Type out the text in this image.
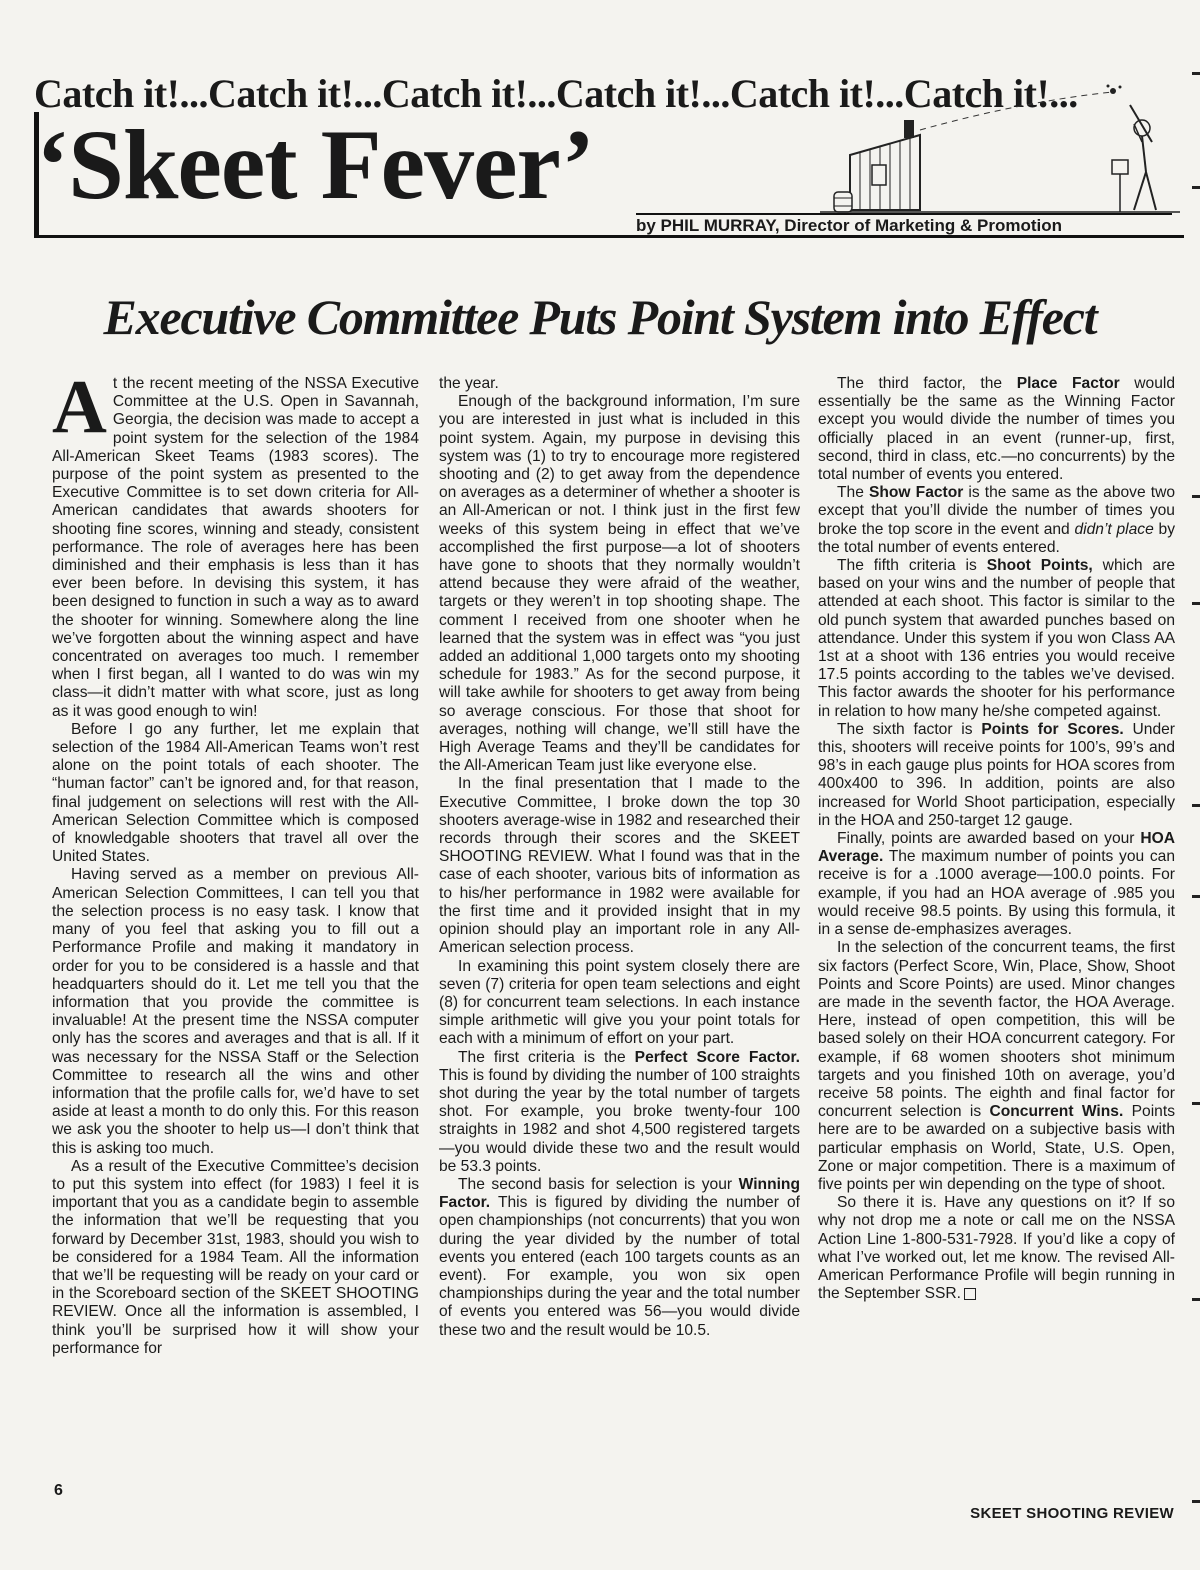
Catch it!...Catch it!...Catch it!...Catch it!...Catch it!...Catch it!...
‘Skeet Fever’
by PHIL MURRAY, Director of Marketing & Promotion
Executive Committee Puts Point System into Effect

At the recent meeting of the NSSA Executive Committee at the U.S. Open in Savannah, Georgia, the decision was made to accept a point system for the selection of the 1984 All-American Skeet Teams (1983 scores). The purpose of the point system as presented to the Executive Committee is to set down criteria for All-American candidates that awards shooters for shooting fine scores, winning and steady, consistent performance. The role of averages here has been diminished and their emphasis is less than it has ever been before. In devising this system, it has been designed to function in such a way as to award the shooter for winning. Somewhere along the line we’ve forgotten about the winning aspect and have concentrated on averages too much. I remember when I first began, all I wanted to do was win my class—it didn’t matter with what score, just as long as it was good enough to win!

Before I go any further, let me explain that selection of the 1984 All-American Teams won’t rest alone on the point totals of each shooter. The “human factor” can’t be ignored and, for that reason, final judgement on selections will rest with the All-American Selection Committee which is composed of knowledgable shooters that travel all over the United States.

Having served as a member on previous All-American Selection Committees, I can tell you that the selection process is no easy task. I know that many of you feel that asking you to fill out a Performance Profile and making it mandatory in order for you to be considered is a hassle and that headquarters should do it. Let me tell you that the information that you provide the committee is invaluable! At the present time the NSSA computer only has the scores and averages and that is all. If it was necessary for the NSSA Staff or the Selection Committee to research all the wins and other information that the profile calls for, we’d have to set aside at least a month to do only this. For this reason we ask you the shooter to help us—I don’t think that this is asking too much.

As a result of the Executive Committee’s decision to put this system into effect (for 1983) I feel it is important that you as a candidate begin to assemble the information that we’ll be requesting that you forward by December 31st, 1983, should you wish to be considered for a 1984 Team. All the information that we’ll be requesting will be ready on your card or in the Scoreboard section of the SKEET SHOOTING REVIEW. Once all the information is assembled, I think you’ll be surprised how it will show your performance for

the year.

Enough of the background information, I’m sure you are interested in just what is included in this point system. Again, my purpose in devising this system was (1) to try to encourage more registered shooting and (2) to get away from the dependence on averages as a determiner of whether a shooter is an All-American or not. I think just in the first few weeks of this system being in effect that we’ve accomplished the first purpose—a lot of shooters have gone to shoots that they normally wouldn’t attend because they were afraid of the weather, targets or they weren’t in top shooting shape. The comment I received from one shooter when he learned that the system was in effect was “you just added an additional 1,000 targets onto my shooting schedule for 1983.” As for the second purpose, it will take awhile for shooters to get away from being so average conscious. For those that shoot for averages, nothing will change, we’ll still have the High Average Teams and they’ll be candidates for the All-American Team just like everyone else.

In the final presentation that I made to the Executive Committee, I broke down the top 30 shooters average-wise in 1982 and researched their records through their scores and the SKEET SHOOTING REVIEW. What I found was that in the case of each shooter, various bits of information as to his/her performance in 1982 were available for the first time and it provided insight that in my opinion should play an important role in any All-American selection process.

In examining this point system closely there are seven (7) criteria for open team selections and eight (8) for concurrent team selections. In each instance simple arithmetic will give you your point totals for each with a minimum of effort on your part.

The first criteria is the Perfect Score Factor. This is found by dividing the number of 100 straights shot during the year by the total number of targets shot. For example, you broke twenty-four 100 straights in 1982 and shot 4,500 registered targets—you would divide these two and the result would be 53.3 points.

The second basis for selection is your Winning Factor. This is figured by dividing the number of open championships (not concurrents) that you won during the year divided by the number of total events you entered (each 100 targets counts as an event). For example, you won six open championships during the year and the total number of events you entered was 56—you would divide these two and the result would be 10.5.

The third factor, the Place Factor would essentially be the same as the Winning Factor except you would divide the number of times you officially placed in an event (runner-up, first, second, third in class, etc.—no concurrents) by the total number of events you entered.

The Show Factor is the same as the above two except that you’ll divide the number of times you broke the top score in the event and didn’t place by the total number of events entered.

The fifth criteria is Shoot Points, which are based on your wins and the number of people that attended at each shoot. This factor is similar to the old punch system that awarded punches based on attendance. Under this system if you won Class AA 1st at a shoot with 136 entries you would receive 17.5 points according to the tables we’ve devised. This factor awards the shooter for his performance in relation to how many he/she competed against.

The sixth factor is Points for Scores. Under this, shooters will receive points for 100’s, 99’s and 98’s in each gauge plus points for HOA scores from 400x400 to 396. In addition, points are also increased for World Shoot participation, especially in the HOA and 250-target 12 gauge.

Finally, points are awarded based on your HOA Average. The maximum number of points you can receive is for a .1000 average—100.0 points. For example, if you had an HOA average of .985 you would receive 98.5 points. By using this formula, it in a sense de-emphasizes averages.

In the selection of the concurrent teams, the first six factors (Perfect Score, Win, Place, Show, Shoot Points and Score Points) are used. Minor changes are made in the seventh factor, the HOA Average. Here, instead of open competition, this will be based solely on their HOA concurrent category. For example, if 68 women shooters shot minimum targets and you finished 10th on average, you’d receive 58 points. The eighth and final factor for concurrent selection is Concurrent Wins. Points here are to be awarded on a subjective basis with particular emphasis on World, State, U.S. Open, Zone or major competition. There is a maximum of five points per win depending on the type of shoot.

So there it is. Have any questions on it? If so why not drop me a note or call me on the NSSA Action Line 1-800-531-7928. If you’d like a copy of what I’ve worked out, let me know. The revised All-American Performance Profile will begin running in the September SSR.

6
SKEET SHOOTING REVIEW
